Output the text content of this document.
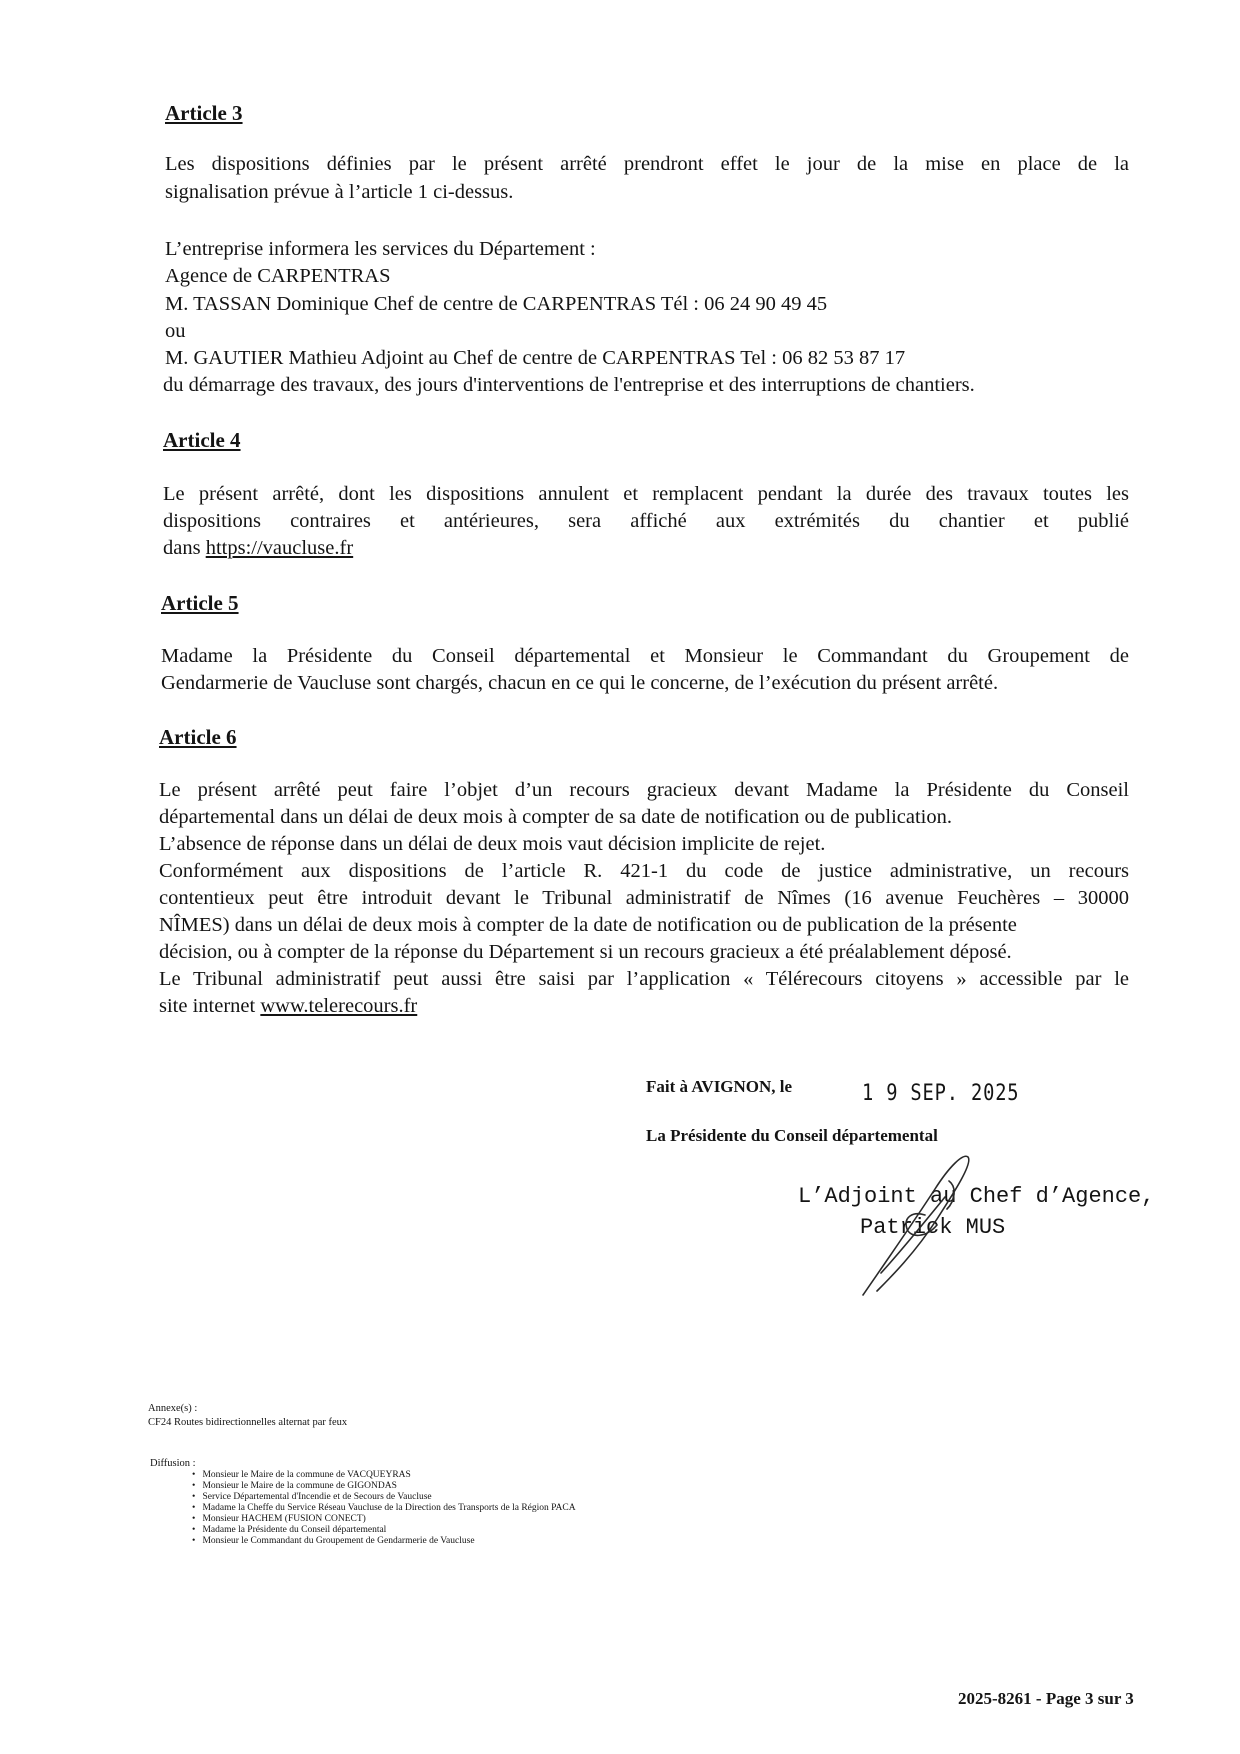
Article 3
Les dispositions définies par le présent arrêté prendront effet le jour de la mise en place de la
signalisation prévue à l’article 1 ci-dessus.
L’entreprise informera les services du Département :
Agence de CARPENTRAS
M. TASSAN Dominique Chef de centre de CARPENTRAS Tél : 06 24 90 49 45
ou
M. GAUTIER Mathieu Adjoint au Chef de centre de CARPENTRAS Tel : 06 82 53 87 17
du démarrage des travaux, des jours d'interventions de l'entreprise et des interruptions de chantiers.
Article 4
Le présent arrêté, dont les dispositions annulent et remplacent pendant la durée des travaux toutes les
dispositions contraires et antérieures, sera affiché aux extrémités du chantier et publié
dans https://vaucluse.fr
Article 5
Madame la Présidente du Conseil départemental et Monsieur le Commandant du Groupement de
Gendarmerie de Vaucluse sont chargés, chacun en ce qui le concerne, de l’exécution du présent arrêté.
Article 6
Le présent arrêté peut faire l’objet d’un recours gracieux devant Madame la Présidente du Conseil
départemental dans un délai de deux mois à compter de sa date de notification ou de publication.
L’absence de réponse dans un délai de deux mois vaut décision implicite de rejet.
Conformément aux dispositions de l’article R. 421-1 du code de justice administrative, un recours
contentieux peut être introduit devant le Tribunal administratif de Nîmes (16 avenue Feuchères – 30000
NÎMES) dans un délai de deux mois à compter de la date de notification ou de publication de la présente
décision, ou à compter de la réponse du Département si un recours gracieux a été préalablement déposé.
Le Tribunal administratif peut aussi être saisi par l’application « Télérecours citoyens » accessible par le
site internet www.telerecours.fr
Fait à AVIGNON, le	1 9 SEP. 2025
La Présidente du Conseil départemental
L’Adjoint au Chef d’Agence,
Patrick MUS
Annexe(s) :
CF24 Routes bidirectionnelles alternat par feux
Diffusion :
•   Monsieur le Maire de la commune de VACQUEYRAS
•   Monsieur le Maire de la commune de GIGONDAS
•   Service Départemental d'Incendie et de Secours de Vaucluse
•   Madame la Cheffe du Service Réseau Vaucluse de la Direction des Transports de la Région PACA
•   Monsieur HACHEM (FUSION CONECT)
•   Madame la Présidente du Conseil départemental
•   Monsieur le Commandant du Groupement de Gendarmerie de Vaucluse
2025-8261 - Page 3 sur 3
